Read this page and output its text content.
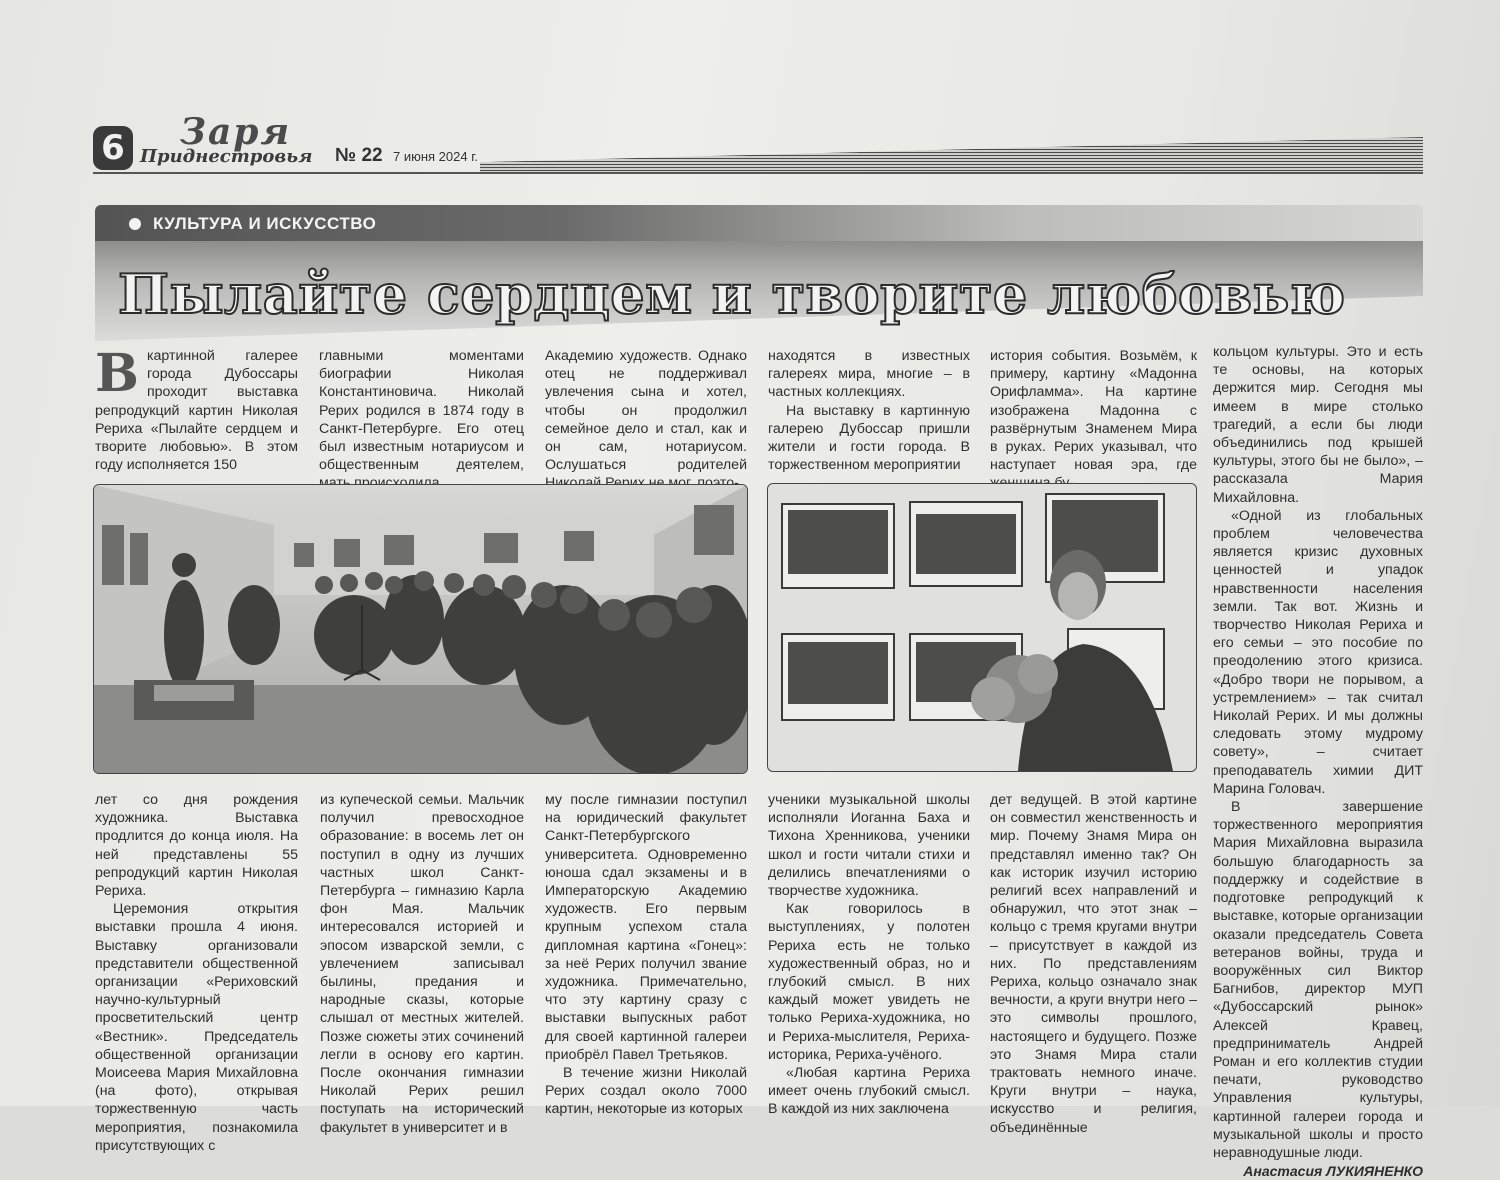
6 Заря
Приднестровья № 22 7 июня 2024 г.
КУЛЬТУРА И ИСКУССТВО
Пылайте сердцем и творите любовью

Вкартинной галерее города Дубоссары проходит выставка репродукций картин Николая Рериха «Пылайте сердцем и творите любовью». В этом году исполняется 150

главными моментами биографии Николая Константиновича. Николай Рерих родился в 1874 году в Санкт-Петербурге. Его отец был известным нотариусом и общественным деятелем,

Академию художеств. Однако отец не поддерживал увлечения сына и хотел, чтобы он продолжил семейное дело и стал, как и он сам, нотариусом. Ослушаться родителей

находятся в известных галереях мира, многие – в частных коллекциях.

На выставку в картинную галерею Дубоссар пришли жители и гости города. В торжественном мероприятии

история события. Возьмём, к примеру, картину «Мадонна Орифламма». На картине изображена Мадонна с развёрнутым Знаменем Мира в руках. Рерих указывал, что наступает новая эра, где

кольцом культуры. Это и есть те основы, на которых держится мир. Сегодня мы имеем в мире столько трагедий, а если бы люди объединились под крышей культуры, этого бы не было», – рассказала Мария Михайловна.

«Одной из глобальных проблем человечества является кризис духовных ценностей и упадок нравственности населения земли. Так вот. Жизнь и творчество Николая Рериха и его семьи – это пособие по преодолению этого кризиса. «Добро твори не порывом, а устремлением» – так считал Николай Рерих. И мы должны следовать этому мудрому совету», – считает преподаватель химии ДИТ Марина Головач.

В завершение торжественного мероприятия Мария Михайловна выразила большую благодарность за поддержку и содействие в подготовке репродукций к выставке, которые организации оказали председатель Совета ветеранов войны, труда и вооружённых сил Виктор Багнибов, директор МУП «Дубоссарский рынок» Алексей Кравец, предприниматель Андрей Роман и его коллектив студии печати, руководство Управления культуры, картинной галереи города и музыкальной школы и просто неравнодушные люди.

Анастасия ЛУКИЯНЕНКО

лет со дня рождения художника. Выставка продлится до конца июля. На ней представлены 55 репродукций картин Николая Рериха.

Церемония открытия выставки прошла 4 июня. Выставку организовали представители общественной организации «Рериховский научно-культурный просветительский центр «Вестник». Председатель общественной организации Моисеева Мария Михайловна (на фото), открывая торжественную часть мероприятия, познакомила присутствующих с

из купеческой семьи. Мальчик получил превосходное образование: в восемь лет он поступил в одну из лучших частных школ Санкт-Петербурга – гимназию Карла фон Мая. Мальчик интересовался историей и эпосом изварской земли, с увлечением записывал былины, предания и народные сказы, которые слышал от местных жителей. Позже сюжеты этих сочинений легли в основу его картин. После окончания гимназии Николай Рерих решил поступать на исторический факультет в университет и в

му после гимназии поступил на юридический факультет Санкт-Петербургского университета. Одновременно юноша сдал экзамены и в Императорскую Академию художеств. Его первым крупным успехом стала дипломная картина «Гонец»: за неё Рерих получил звание художника. Примечательно, что эту картину сразу с выставки выпускных работ для своей картинной галереи приобрёл Павел Третьяков.

В течение жизни Николай Рерих создал около 7000 картин, некоторые из которых

ученики музыкальной школы исполняли Иоганна Баха и Тихона Хренникова, ученики школ и гости читали стихи и делились впечатлениями о творчестве художника.

Как говорилось в выступлениях, у полотен Рериха есть не только художественный образ, но и глубокий смысл. В них каждый может увидеть не только Рериха-художника, но и Рериха-мыслителя, Рериха-историка, Рериха-учёного.

«Любая картина Рериха имеет очень глубокий смысл. В каждой из них заключена

дет ведущей. В этой картине он совместил женственность и мир. Почему Знамя Мира он представлял именно так? Он как историк изучил историю религий всех направлений и обнаружил, что этот знак – кольцо с тремя кругами внутри – присутствует в каждой из них. По представлениям Рериха, кольцо означало знак вечности, а круги внутри него – это символы прошлого, настоящего и будущего. Позже это Знамя Мира стали трактовать немного иначе. Круги внутри – наука, искусство и религия, объединённые
